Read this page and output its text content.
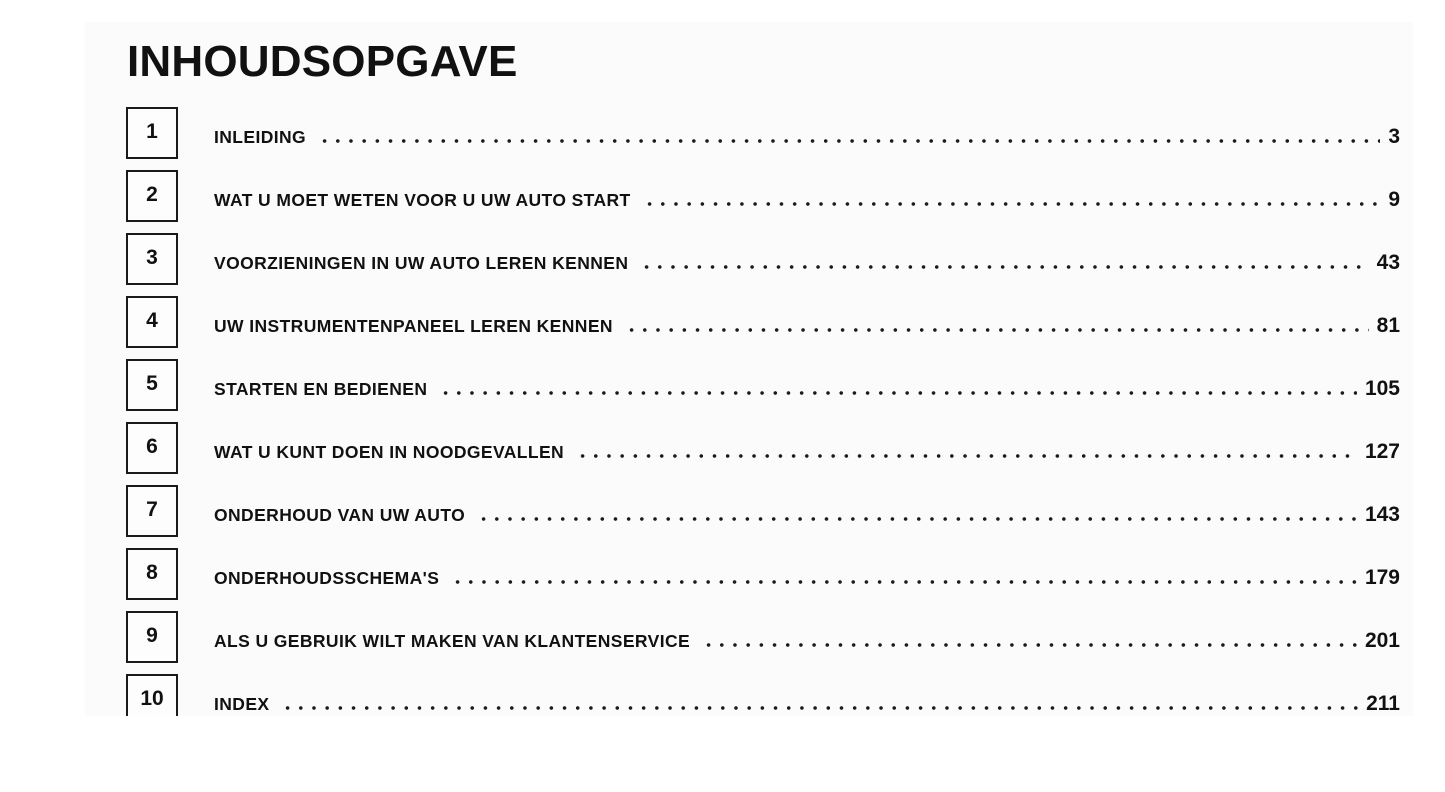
INHOUDSOPGAVE
1	INLEIDING	3
2	WAT U MOET WETEN VOOR U UW AUTO START	9
3	VOORZIENINGEN IN UW AUTO LEREN KENNEN	43
4	UW INSTRUMENTENPANEEL LEREN KENNEN	81
5	STARTEN EN BEDIENEN	105
6	WAT U KUNT DOEN IN NOODGEVALLEN	127
7	ONDERHOUD VAN UW AUTO	143
8	ONDERHOUDSSCHEMA'S	179
9	ALS U GEBRUIK WILT MAKEN VAN KLANTENSERVICE	201
10	INDEX	211
